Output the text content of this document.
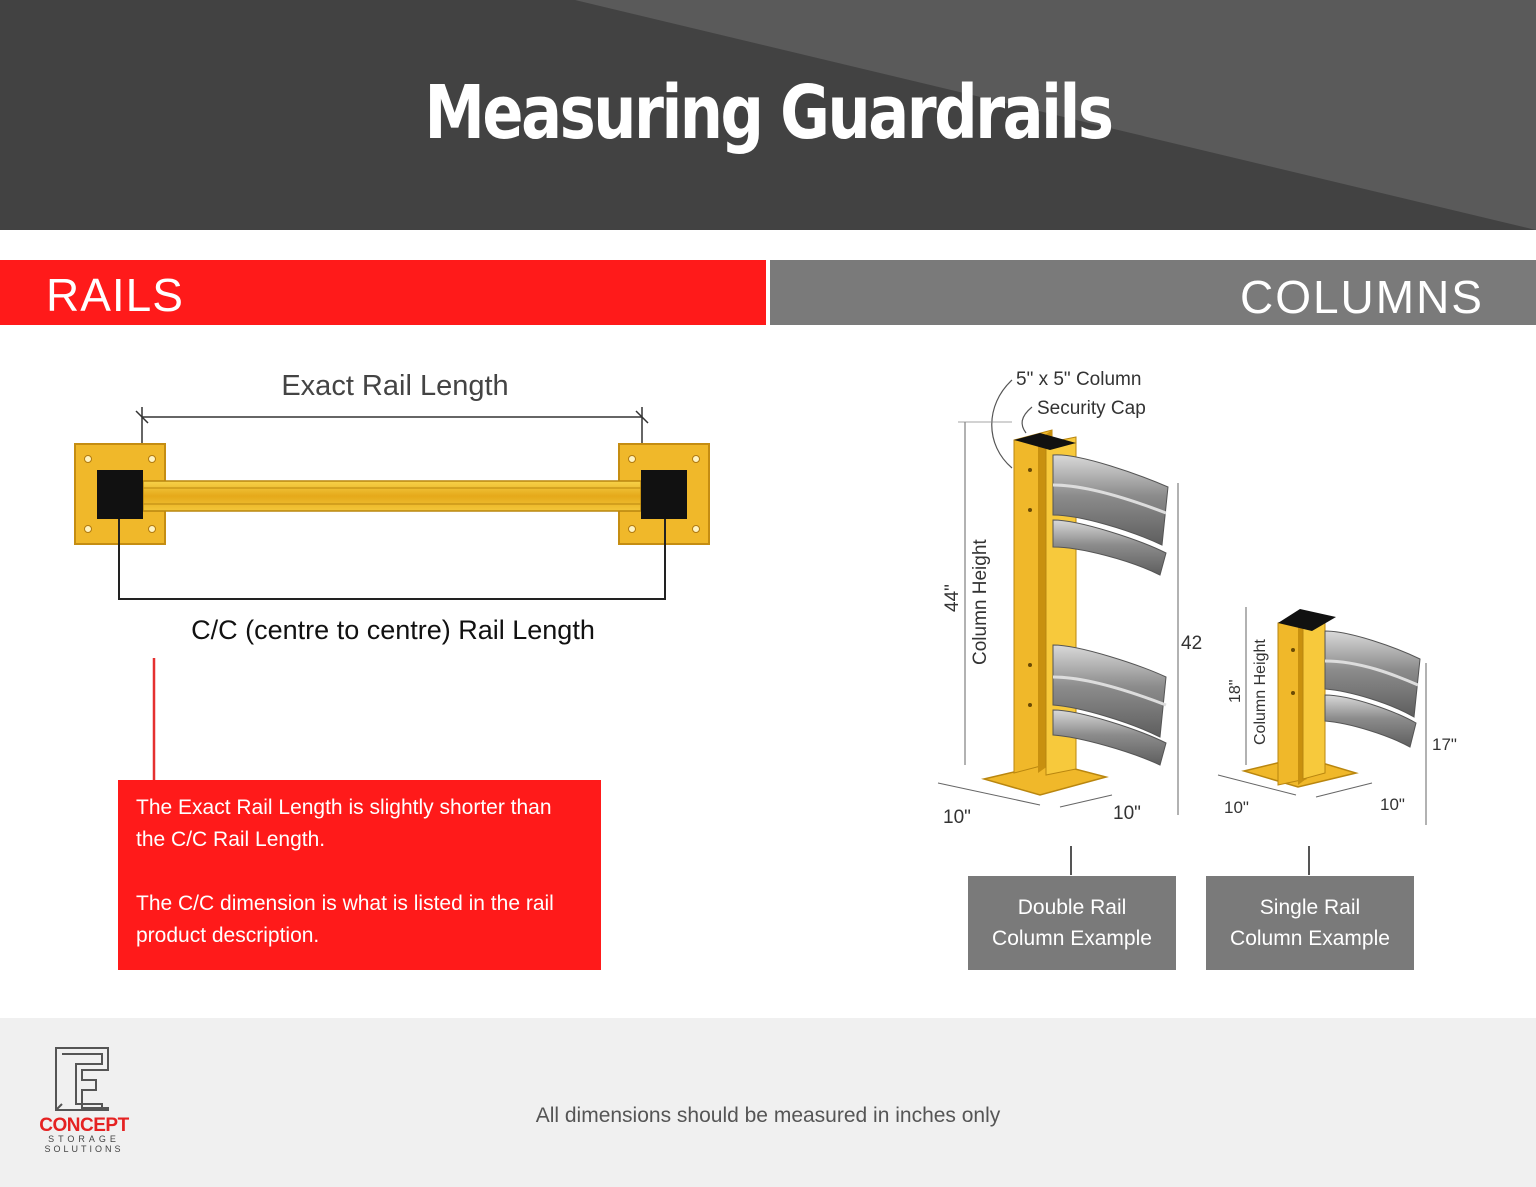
Measuring Guardrails
RAILS	COLUMNS
Exact Rail Length
C/C (centre to centre) Rail Length
5" x 5" Column
Security Cap
44" Column Height	42
10"	10"
18" Column Height	17"
10"	10"

The Exact Rail Length is slightly shorter than the C/C Rail Length.

The C/C dimension is what is listed in the rail product description.

Double Rail
Column Example
Single Rail
Column Example
CONCEPT
STORAGE
SOLUTIONS
All dimensions should be measured in inches only
